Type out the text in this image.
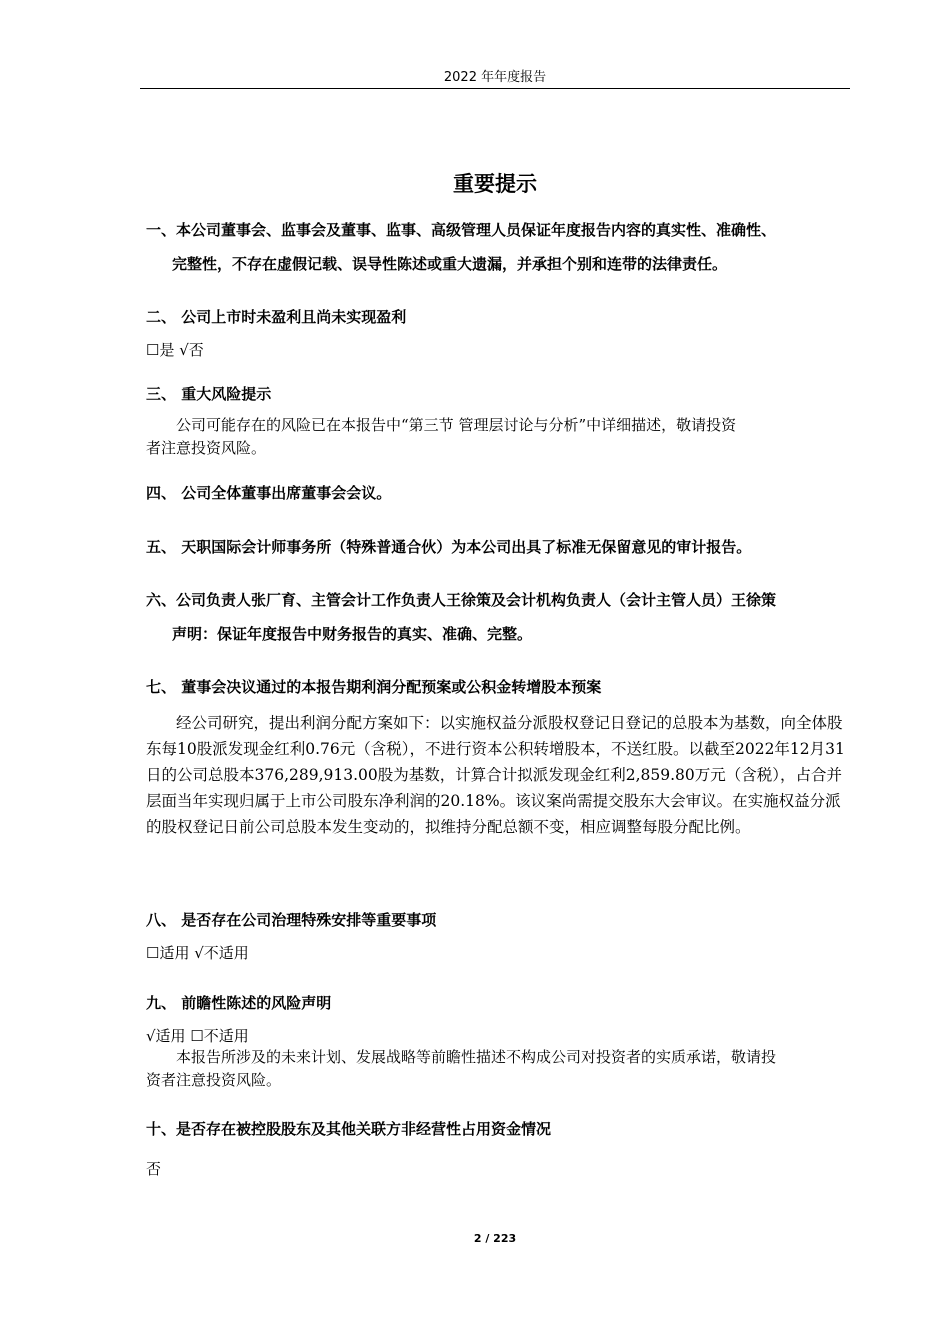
2022 年年度报告
重要提示
一、本公司董事会、监事会及董事、监事、高级管理人员保证年度报告内容的真实性、准确性、
完整性，不存在虚假记载、误导性陈述或重大遗漏，并承担个别和连带的法律责任。
二、 公司上市时未盈利且尚未实现盈利
☐是 √否
三、 重大风险提示
公司可能存在的风险已在本报告中“第三节 管理层讨论与分析”中详细描述，敬请投资
者注意投资风险。
四、 公司全体董事出席董事会会议。
五、 天职国际会计师事务所（特殊普通合伙）为本公司出具了标准无保留意见的审计报告。
六、公司负责人张厂育、主管会计工作负责人王徐策及会计机构负责人（会计主管人员）王徐策
声明：保证年度报告中财务报告的真实、准确、完整。
七、 董事会决议通过的本报告期利润分配预案或公积金转增股本预案
经公司研究，提出利润分配方案如下：以实施权益分派股权登记日登记的总股本为基数，向全体股东每10股派发现金红利0.76元（含税），不进行资本公积转增股本，不送红股。以截至2022年12月31日的公司总股本376,289,913.00股为基数，计算合计拟派发现金红利2,859.80万元（含税），占合并层面当年实现归属于上市公司股东净利润的20.18%。该议案尚需提交股东大会审议。在实施权益分派的股权登记日前公司总股本发生变动的，拟维持分配总额不变，相应调整每股分配比例。
八、 是否存在公司治理特殊安排等重要事项
☐适用 √不适用
九、 前瞻性陈述的风险声明
√适用 ☐不适用
本报告所涉及的未来计划、发展战略等前瞻性描述不构成公司对投资者的实质承诺，敬请投
资者注意投资风险。
十、是否存在被控股股东及其他关联方非经营性占用资金情况
否
2 / 223
